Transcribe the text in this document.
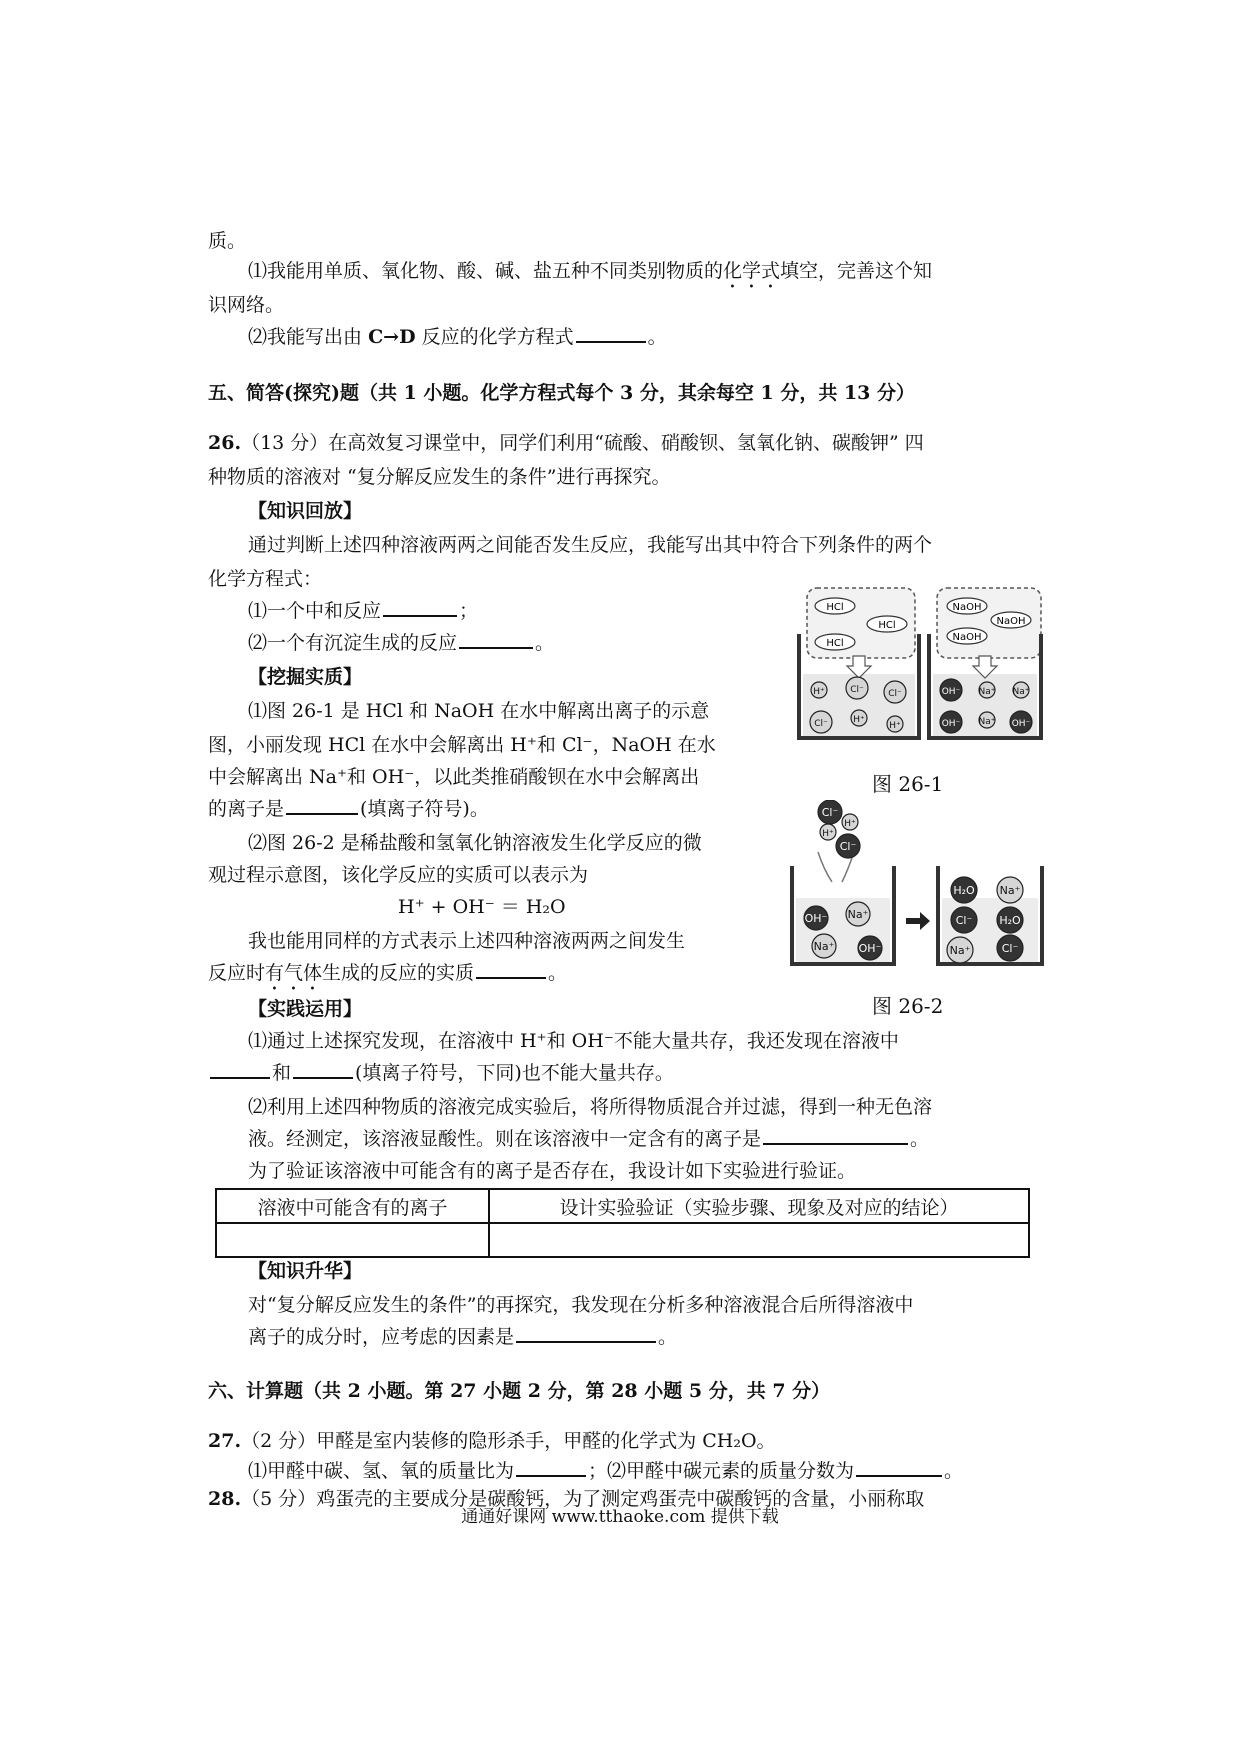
质。
⑴我能用单质、氧化物、酸、碱、盐五种不同类别物质的化学式填空，完善这个知
识网络。
⑵我能写出由 C→D 反应的化学方程式	。
五、简答(探究)题（共 1 小题。化学方程式每个 3 分，其余每空 1 分，共 13 分）
26.（13 分）在高效复习课堂中，同学们利用“硫酸、硝酸钡、氢氧化钠、碳酸钾” 四
种物质的溶液对 “复分解反应发生的条件”进行再探究。
【知识回放】
通过判断上述四种溶液两两之间能否发生反应，我能写出其中符合下列条件的两个
化学方程式：
⑴一个中和反应	；
⑵一个有沉淀生成的反应	。
【挖掘实质】
⑴图 26-1 是 HCl 和 NaOH 在水中解离出离子的示意
图，小丽发现 HCl 在水中会解离出 H⁺和 Cl⁻，NaOH 在水
中会解离出 Na⁺和 OH⁻，以此类推硝酸钡在水中会解离出
的离子是	(填离子符号)。
⑵图 26-2 是稀盐酸和氢氧化钠溶液发生化学反应的微
观过程示意图，该化学反应的实质可以表示为
H⁺ + OH⁻ ＝ H₂O
我也能用同样的方式表示上述四种溶液两两之间发生
反应时有气体生成的反应的实质	。
【实践运用】
⑴通过上述探究发现，在溶液中 H⁺和 OH⁻不能大量共存，我还发现在溶液中
和	(填离子符号，下同)也不能大量共存。
⑵利用上述四种物质的溶液完成实验后，将所得物质混合并过滤，得到一种无色溶
液。经测定，该溶液显酸性。则在该溶液中一定含有的离子是	。
为了验证该溶液中可能含有的离子是否存在，我设计如下实验进行验证。
溶液中可能含有的离子	设计实验验证（实验步骤、现象及对应的结论）

【知识升华】
对“复分解反应发生的条件”的再探究，我发现在分析多种溶液混合后所得溶液中
离子的成分时，应考虑的因素是	。
六、计算题（共 2 小题。第 27 小题 2 分，第 28 小题 5 分，共 7 分）
27.（2 分）甲醛是室内装修的隐形杀手，甲醛的化学式为 CH₂O。
⑴甲醛中碳、氢、氧的质量比为	；⑵甲醛中碳元素的质量分数为	。
28.（5 分）鸡蛋壳的主要成分是碳酸钙，为了测定鸡蛋壳中碳酸钙的含量，小丽称取
通通好课网 www.tthaoke.com 提供下载
HCl
HCl
HCl
NaOH
NaOH
NaOH
H⁺	Cl⁻	Cl⁻
Cl⁻	H⁺
H⁺
OH⁻ Na⁺ Na⁺
OH⁻ Na⁺ OH⁻
图 26-1
Cl⁻
H⁺
H⁺
Cl⁻
OH⁻ Na⁺
Na⁺ OH⁻
H₂O Na⁺
Cl⁻ H₂O
Na⁺	Cl⁻
图 26-2
